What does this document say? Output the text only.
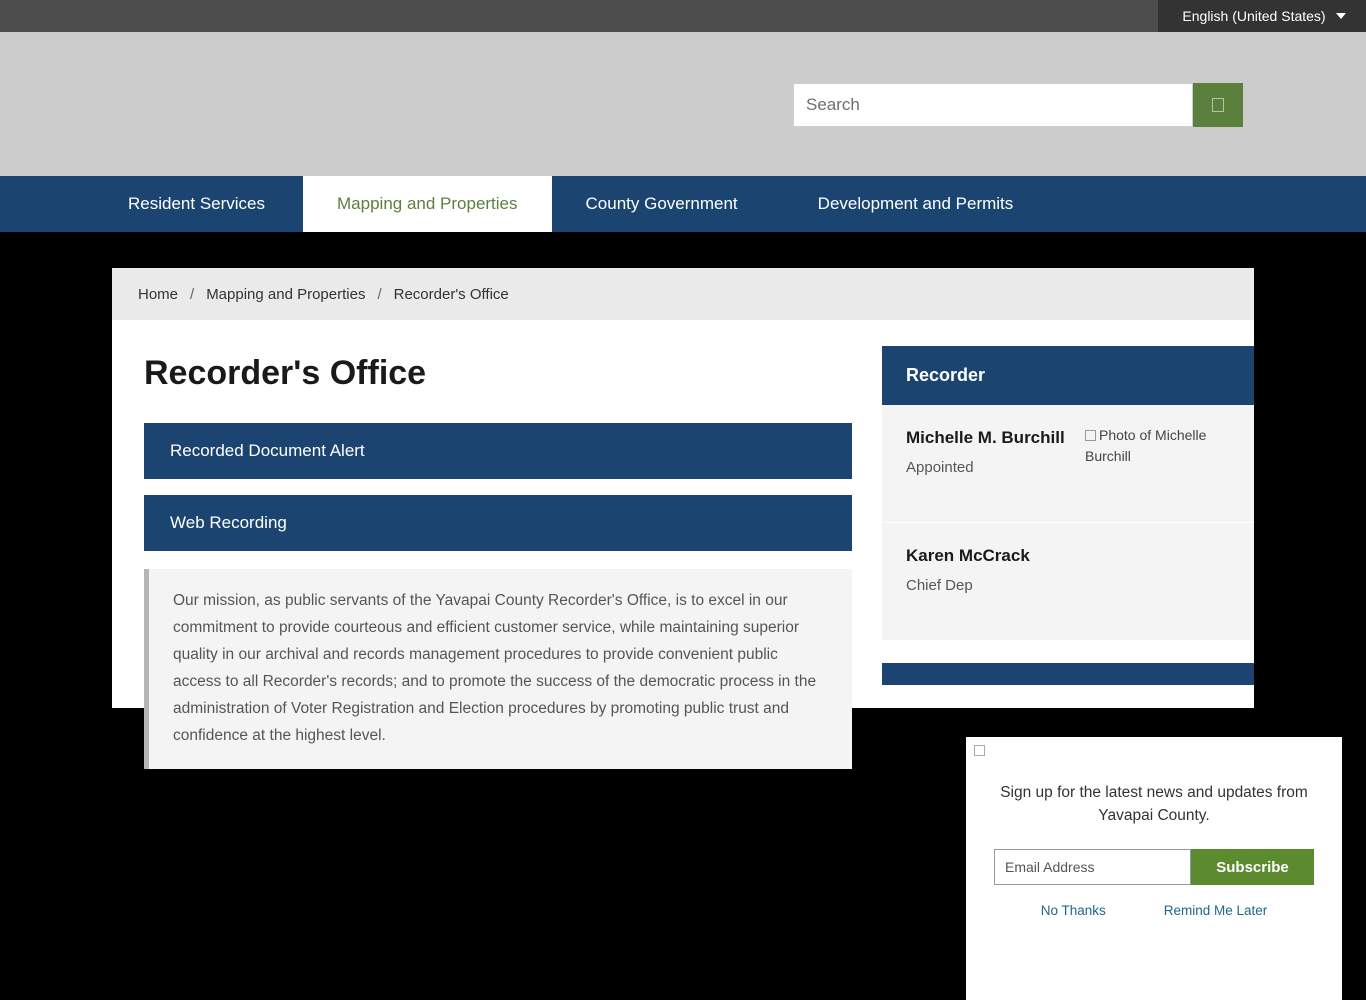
English (United States)
Search
Resident Services	Mapping and Properties	County Government	Development and Permits
Home / Mapping and Properties / Recorder's Office
Recorder's Office
Recorded Document Alert
Web Recording
Our mission, as public servants of the Yavapai County Recorder's Office, is to excel in our commitment to provide courteous and efficient customer service, while maintaining superior quality in our archival and records management procedures to provide convenient public access to all Recorder's records; and to promote the success of the democratic process in the administration of Voter Registration and Election procedures by promoting public trust and confidence at the highest level.
Recorder
Michelle M. Burchill
Appointed
Photo of Michelle Burchill
Karen McCrack
Chief Dep

Sign up for the latest news and updates from Yavapai County.

Email Address
Subscribe
No Thanks	Remind Me Later
